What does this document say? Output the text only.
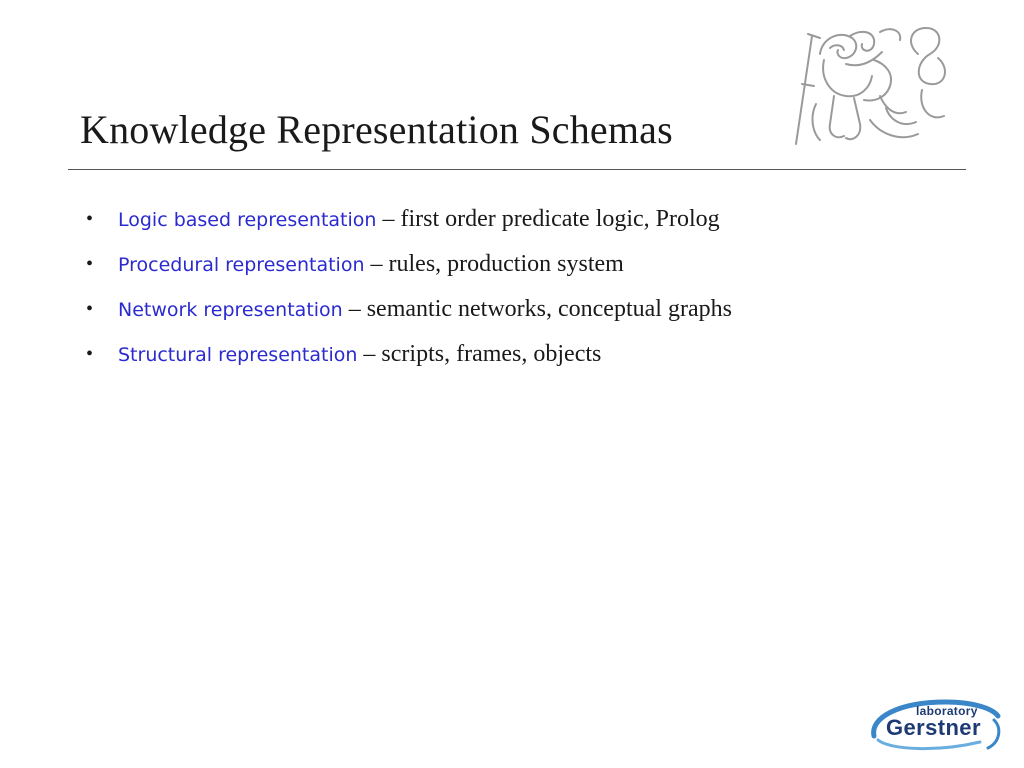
Knowledge Representation Schemas
• Logic based representation – first order predicate logic, Prolog
• Procedural representation – rules, production system
• Network representation – semantic networks, conceptual graphs
• Structural representation – scripts, frames, objects
laboratory
Gerstner
